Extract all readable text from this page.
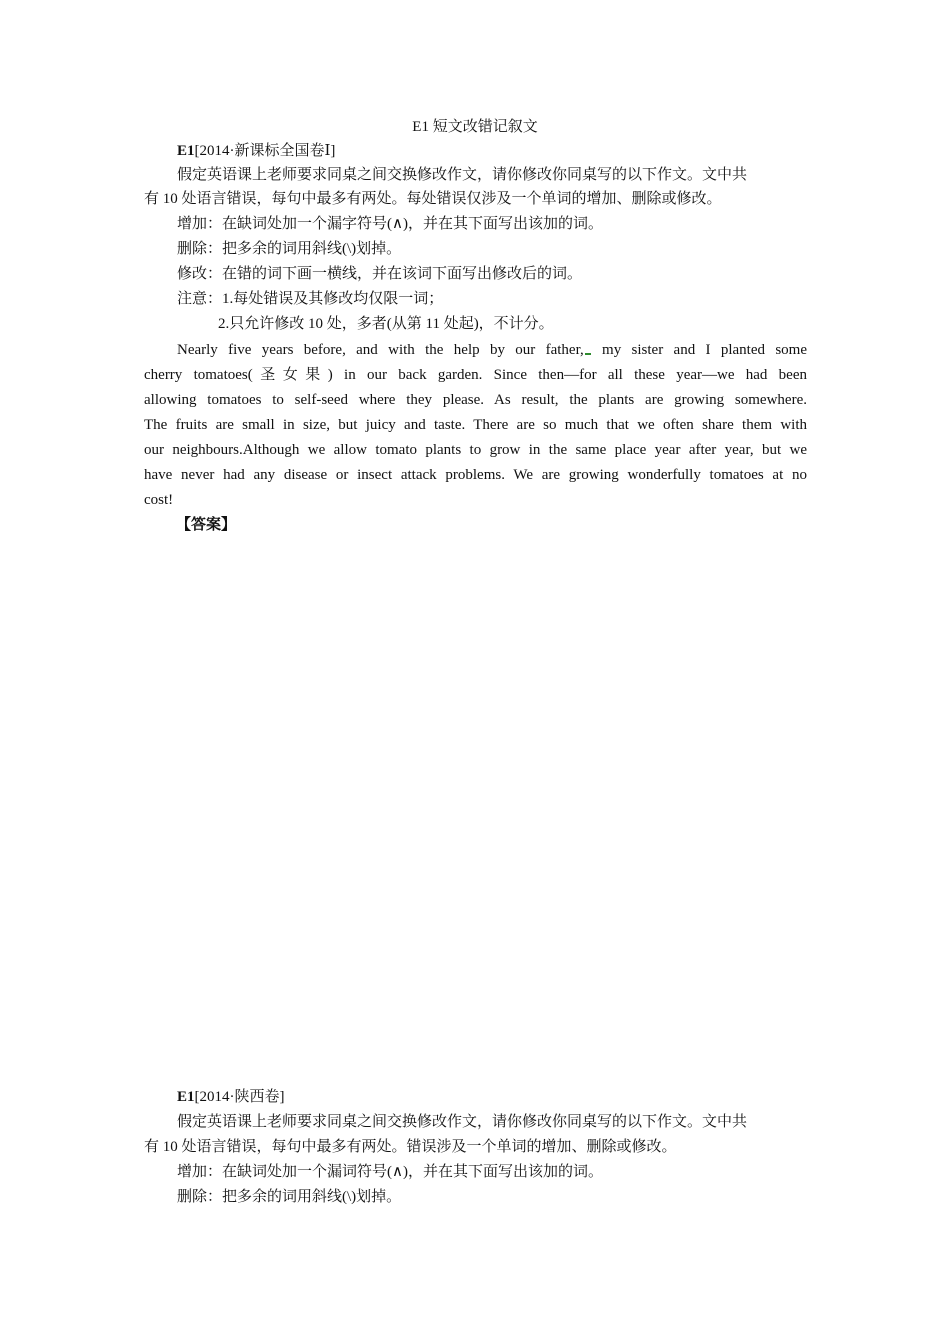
E1 短文改错记叙文
E1[2014·新课标全国卷Ⅰ]
假定英语课上老师要求同桌之间交换修改作文，请你修改你同桌写的以下作文。文中共
有 10 处语言错误，每句中最多有两处。每处错误仅涉及一个单词的增加、删除或修改。
增加：在缺词处加一个漏字符号(∧)，并在其下面写出该加的词。
删除：把多余的词用斜线(\)划掉。
修改：在错的词下画一横线，并在该词下面写出修改后的词。
注意：1.每处错误及其修改均仅限一词；
2.只允许修改 10 处，多者(从第 11 处起)，不计分。
Nearly five years before, and with the help by our father, my sister and I planted some
cherry tomatoes(圣女果) in our back garden. Since then—for all these year—we had been
allowing tomatoes to self-seed where they please. As result, the plants are growing somewhere.
The fruits are small in size, but juicy and taste. There are so much that we often share them with
our neighbours.Although we allow tomato plants to grow in the same place year after year, but we
have never had any disease or insect attack problems. We are growing wonderfully tomatoes at no
cost!
【答案】
E1[2014·陕西卷]
假定英语课上老师要求同桌之间交换修改作文，请你修改你同桌写的以下作文。文中共
有 10 处语言错误，每句中最多有两处。错误涉及一个单词的增加、删除或修改。
增加：在缺词处加一个漏词符号(∧)，并在其下面写出该加的词。
删除：把多余的词用斜线(\)划掉。
